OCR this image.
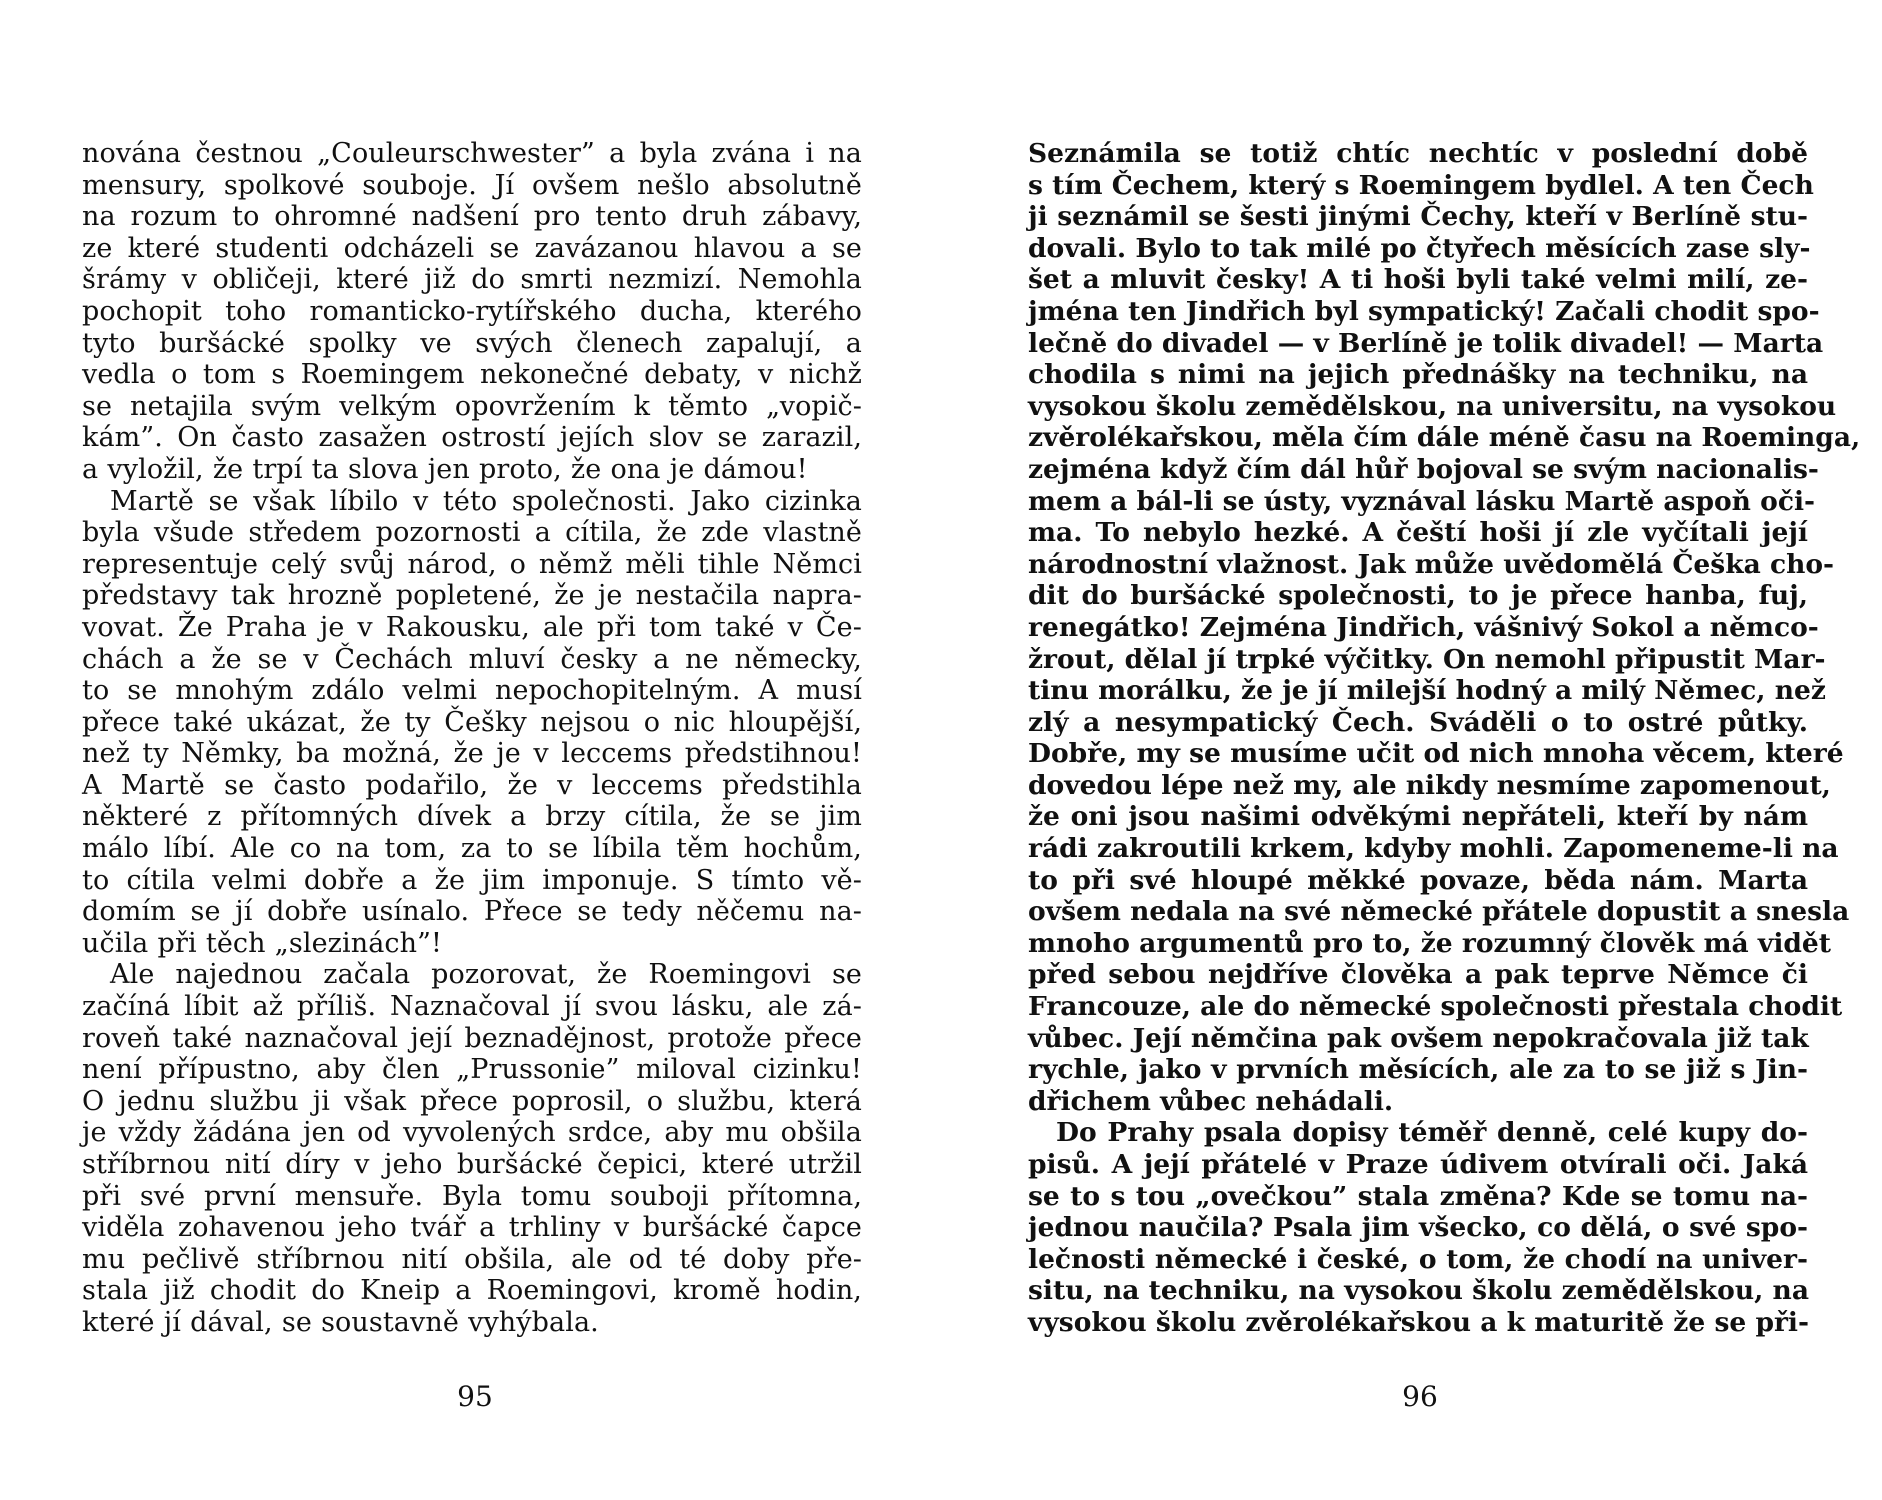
nována čestnou „Couleurschwester” a byla zvána i na
mensury, spolkové souboje. Jí ovšem nešlo absolutně
na rozum to ohromné nadšení pro tento druh zábavy,
ze které studenti odcházeli se zavázanou hlavou a se
šrámy v obličeji, které již do smrti nezmizí. Nemohla
pochopit toho romanticko-rytířského ducha, kterého
tyto buršácké spolky ve svých členech zapalují, a
vedla o tom s Roemingem nekonečné debaty, v nichž
se netajila svým velkým opovržením k těmto „vopič-
kám”. On často zasažen ostrostí jejích slov se zarazil,
a vyložil, že trpí ta slova jen proto, že ona je dámou!
Martě se však líbilo v této společnosti. Jako cizinka
byla všude středem pozornosti a cítila, že zde vlastně
representuje celý svůj národ, o němž měli tihle Němci
představy tak hrozně popletené, že je nestačila napra-
vovat. Že Praha je v Rakousku, ale při tom také v Če-
chách a že se v Čechách mluví česky a ne německy,
to se mnohým zdálo velmi nepochopitelným. A musí
přece také ukázat, že ty Češky nejsou o nic hloupější,
než ty Němky, ba možná, že je v leccems předstihnou!
A Martě se často podařilo, že v leccems předstihla
některé z přítomných dívek a brzy cítila, že se jim
málo líbí. Ale co na tom, za to se líbila těm hochům,
to cítila velmi dobře a že jim imponuje. S tímto vě-
domím se jí dobře usínalo. Přece se tedy něčemu na-
učila při těch „slezinách”!
Ale najednou začala pozorovat, že Roemingovi se
začíná líbit až příliš. Naznačoval jí svou lásku, ale zá-
roveň také naznačoval její beznadějnost, protože přece
není přípustno, aby člen „Prussonie” miloval cizinku!
O jednu službu ji však přece poprosil, o službu, která
je vždy žádána jen od vyvolených srdce, aby mu obšila
stříbrnou nití díry v jeho buršácké čepici, které utržil
při své první mensuře. Byla tomu souboji přítomna,
viděla zohavenou jeho tvář a trhliny v buršácké čapce
mu pečlivě stříbrnou nití obšila, ale od té doby pře-
stala již chodit do Kneip a Roemingovi, kromě hodin,
které jí dával, se soustavně vyhýbala.
95
Seznámila se totiž chtíc nechtíc v poslední době
s tím Čechem, který s Roemingem bydlel. A ten Čech
ji seznámil se šesti jinými Čechy, kteří v Berlíně stu-
dovali. Bylo to tak milé po čtyřech měsících zase sly-
šet a mluvit česky! A ti hoši byli také velmi milí, ze-
jména ten Jindřich byl sympatický! Začali chodit spo-
lečně do divadel — v Berlíně je tolik divadel! — Marta
chodila s nimi na jejich přednášky na techniku, na
vysokou školu zemědělskou, na universitu, na vysokou
zvěrolékařskou, měla čím dále méně času na Roeminga,
zejména když čím dál hůř bojoval se svým nacionalis-
mem a bál-li se ústy, vyznával lásku Martě aspoň oči-
ma. To nebylo hezké. A čeští hoši jí zle vyčítali její
národnostní vlažnost. Jak může uvědomělá Češka cho-
dit do buršácké společnosti, to je přece hanba, fuj,
renegátko! Zejména Jindřich, vášnivý Sokol a němco-
žrout, dělal jí trpké výčitky. On nemohl připustit Mar-
tinu morálku, že je jí milejší hodný a milý Němec, než
zlý a nesympatický Čech. Sváděli o to ostré půtky.
Dobře, my se musíme učit od nich mnoha věcem, které
dovedou lépe než my, ale nikdy nesmíme zapomenout,
že oni jsou našimi odvěkými nepřáteli, kteří by nám
rádi zakroutili krkem, kdyby mohli. Zapomeneme-li na
to při své hloupé měkké povaze, běda nám. Marta
ovšem nedala na své německé přátele dopustit a snesla
mnoho argumentů pro to, že rozumný člověk má vidět
před sebou nejdříve člověka a pak teprve Němce či
Francouze, ale do německé společnosti přestala chodit
vůbec. Její němčina pak ovšem nepokračovala již tak
rychle, jako v prvních měsících, ale za to se již s Jin-
dřichem vůbec nehádali.
Do Prahy psala dopisy téměř denně, celé kupy do-
pisů. A její přátelé v Praze údivem otvírali oči. Jaká
se to s tou „ovečkou” stala změna? Kde se tomu na-
jednou naučila? Psala jim všecko, co dělá, o své spo-
lečnosti německé i české, o tom, že chodí na univer-
situ, na techniku, na vysokou školu zemědělskou, na
vysokou školu zvěrolékařskou a k maturitě že se při-
96
